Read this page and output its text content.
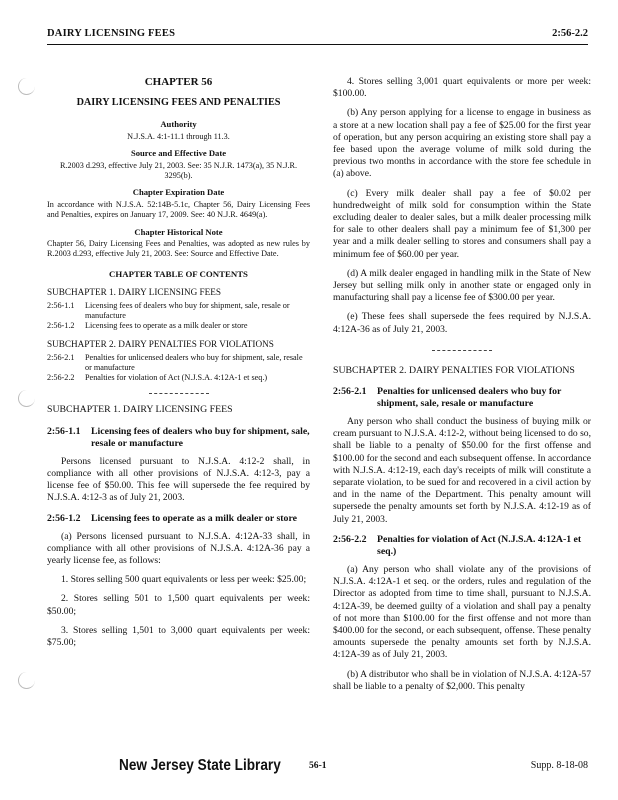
DAIRY LICENSING FEES	2:56-2.2
CHAPTER 56
DAIRY LICENSING FEES AND PENALTIES
Authority

N.J.S.A. 4:1-11.1 through 11.3.

Source and Effective Date

R.2003 d.293, effective July 21, 2003. See: 35 N.J.R. 1473(a), 35 N.J.R. 3295(b).

Chapter Expiration Date

In accordance with N.J.S.A. 52:14B-5.1c, Chapter 56, Dairy Licensing Fees and Penalties, expires on January 17, 2009. See: 40 N.J.R. 4649(a).

Chapter Historical Note

Chapter 56, Dairy Licensing Fees and Penalties, was adopted as new rules by R.2003 d.293, effective July 21, 2003. See: Source and Effective Date.

CHAPTER TABLE OF CONTENTS
SUBCHAPTER 1. DAIRY LICENSING FEES
2:56-1.1	Licensing fees of dealers who buy for shipment, sale, resale or manufacture
2:56-1.2	Licensing fees to operate as a milk dealer or store
SUBCHAPTER 2. DAIRY PENALTIES FOR VIOLATIONS
2:56-2.1	Penalties for unlicensed dealers who buy for shipment, sale, resale or manufacture
2:56-2.2	Penalties for violation of Act (N.J.S.A. 4:12A-1 et seq.)
SUBCHAPTER 1. DAIRY LICENSING FEES
2:56-1.1	Licensing fees of dealers who buy for shipment, sale, resale or manufacture

Persons licensed pursuant to N.J.S.A. 4:12-2 shall, in compliance with all other provisions of N.J.S.A. 4:12-3, pay a license fee of $50.00. This fee will supersede the fee required by N.J.S.A. 4:12-3 as of July 21, 2003.

2:56-1.2	Licensing fees to operate as a milk dealer or store

(a) Persons licensed pursuant to N.J.S.A. 4:12A-33 shall, in compliance with all other provisions of N.J.S.A. 4:12A-36 pay a yearly license fee, as follows:

1. Stores selling 500 quart equivalents or less per week: $25.00;

2. Stores selling 501 to 1,500 quart equivalents per week: $50.00;

3. Stores selling 1,501 to 3,000 quart equivalents per week: $75.00;

4. Stores selling 3,001 quart equivalents or more per week: $100.00.

(b) Any person applying for a license to engage in business as a store at a new location shall pay a fee of $25.00 for the first year of operation, but any person acquiring an existing store shall pay a fee based upon the average volume of milk sold during the previous two months in accordance with the store fee schedule in (a) above.

(c) Every milk dealer shall pay a fee of $0.02 per hundredweight of milk sold for consumption within the State excluding dealer to dealer sales, but a milk dealer processing milk for sale to other dealers shall pay a minimum fee of $1,300 per year and a milk dealer selling to stores and consumers shall pay a minimum fee of $60.00 per year.

(d) A milk dealer engaged in handling milk in the State of New Jersey but selling milk only in another state or engaged only in manufacturing shall pay a license fee of $300.00 per year.

(e) These fees shall supersede the fees required by N.J.S.A. 4:12A-36 as of July 21, 2003.

SUBCHAPTER 2. DAIRY PENALTIES FOR VIOLATIONS
2:56-2.1	Penalties for unlicensed dealers who buy for shipment, sale, resale or manufacture

Any person who shall conduct the business of buying milk or cream pursuant to N.J.S.A. 4:12-2, without being licensed to do so, shall be liable to a penalty of $50.00 for the first offense and $100.00 for the second and each subsequent offense. In accordance with N.J.S.A. 4:12-19, each day's receipts of milk will constitute a separate violation, to be sued for and recovered in a civil action by and in the name of the Department. This penalty amount will supersede the penalty amounts set forth by N.J.S.A. 4:12-19 as of July 21, 2003.

2:56-2.2	Penalties for violation of Act (N.J.S.A. 4:12A-1 et seq.)

(a) Any person who shall violate any of the provisions of N.J.S.A. 4:12A-1 et seq. or the orders, rules and regulation of the Director as adopted from time to time shall, pursuant to N.J.S.A. 4:12A-39, be deemed guilty of a violation and shall pay a penalty of not more than $100.00 for the first offense and not more than $400.00 for the second, or each subsequent, offense. These penalty amounts supersede the penalty amounts set forth by N.J.S.A. 4:12A-39 as of July 21, 2003.

(b) A distributor who shall be in violation of N.J.S.A. 4:12A-57 shall be liable to a penalty of $2,000. This penalty

New Jersey State Library	56-1	Supp. 8-18-08
